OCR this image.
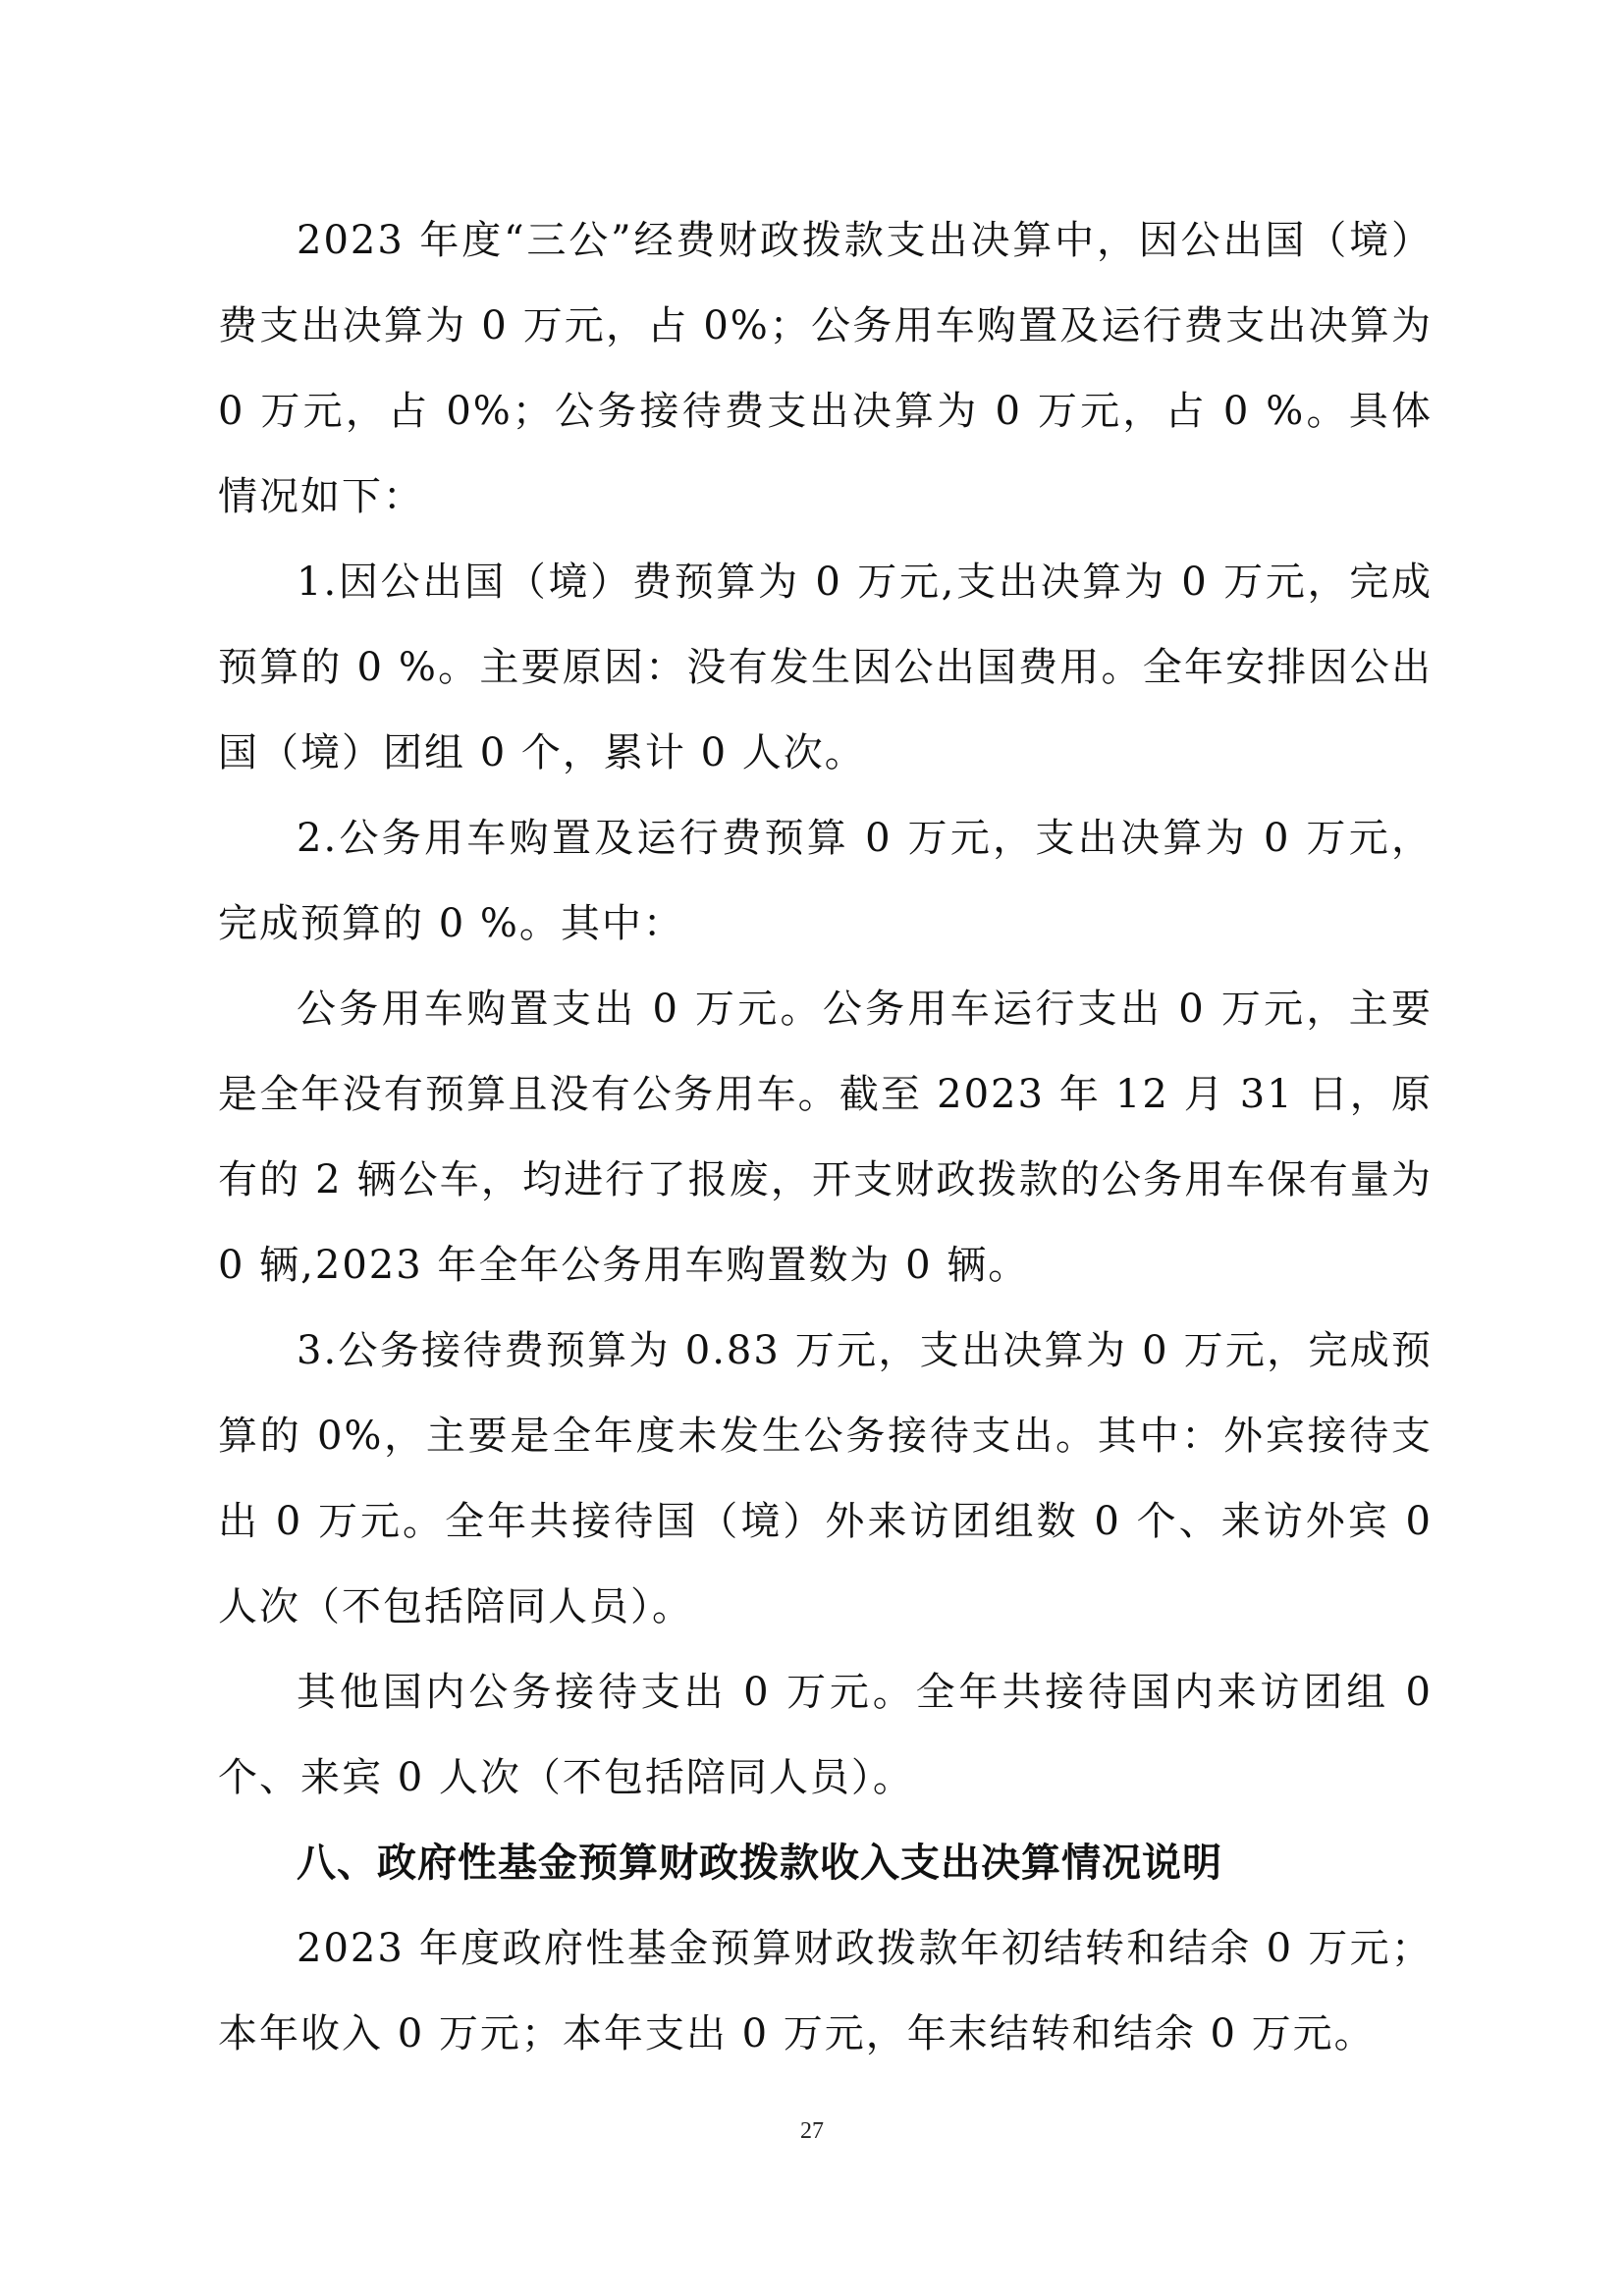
2023 年度“三公”经费财政拨款支出决算中，因公出国（境）费支出决算为 0 万元，占 0%；公务用车购置及运行费支出决算为 0 万元，占 0%；公务接待费支出决算为 0 万元，占 0 %。具体情况如下：

1.因公出国（境）费预算为 0 万元,支出决算为 0 万元，完成预算的 0 %。主要原因：没有发生因公出国费用。全年安排因公出国（境）团组 0 个，累计 0 人次。

2.公务用车购置及运行费预算 0 万元，支出决算为 0 万元，完成预算的 0 %。其中：

公务用车购置支出 0 万元。公务用车运行支出 0 万元，主要是全年没有预算且没有公务用车。截至 2023 年 12 月 31 日，原有的 2 辆公车，均进行了报废，开支财政拨款的公务用车保有量为 0 辆,2023 年全年公务用车购置数为 0 辆。

3.公务接待费预算为 0.83 万元，支出决算为 0 万元，完成预算的 0%，主要是全年度未发生公务接待支出。其中：外宾接待支出 0 万元。全年共接待国（境）外来访团组数 0 个、来访外宾 0 人次（不包括陪同人员）。

其他国内公务接待支出 0 万元。全年共接待国内来访团组 0 个、来宾 0 人次（不包括陪同人员）。

八、政府性基金预算财政拨款收入支出决算情况说明

2023 年度政府性基金预算财政拨款年初结转和结余 0 万元；本年收入 0 万元；本年支出 0 万元，年末结转和结余 0 万元。

27
